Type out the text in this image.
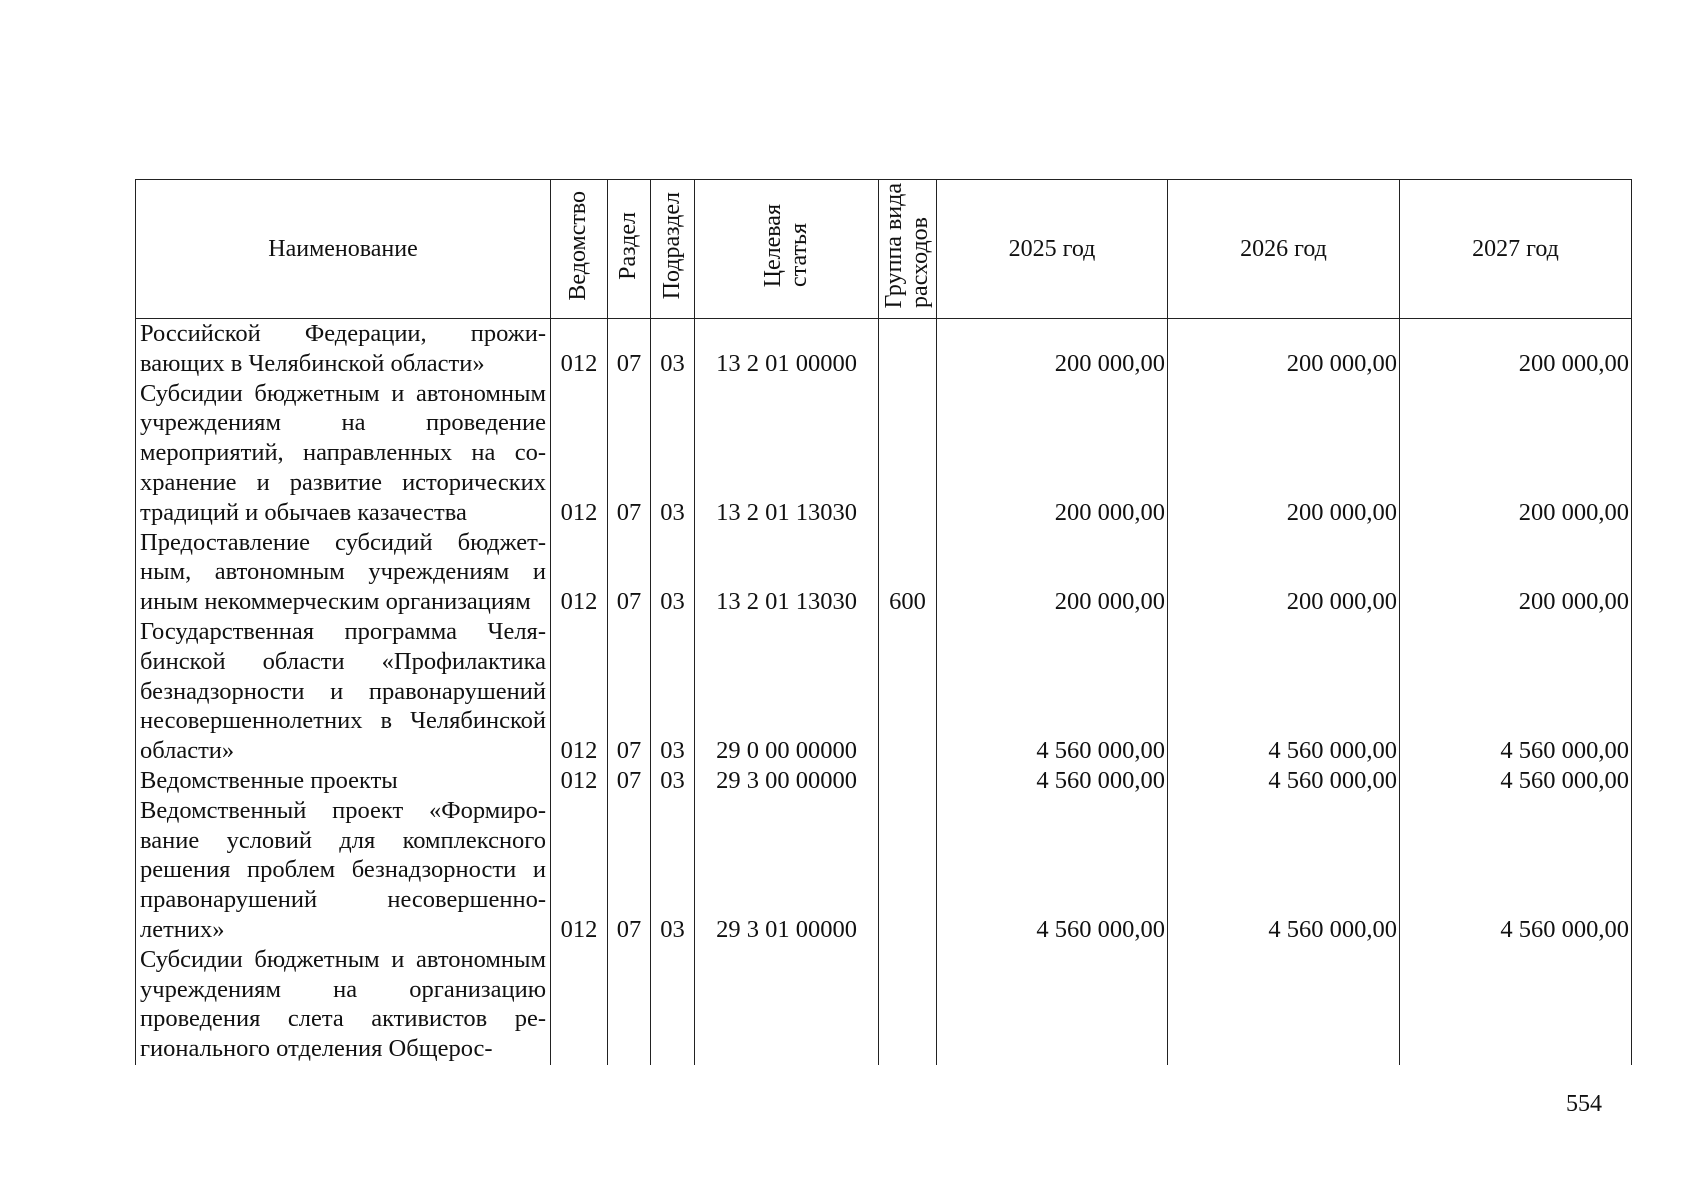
Наименование	Ведомство	Раздел	Подраздел	Целеваястатья	Группа видарасходов	2025 год	2026 год	2027 год
Российской Федерации, проживающих в Челябинской области»	012	07	03	13 2 01 00000		200 000,00	200 000,00	200 000,00
Субсидии бюджетным и автономным учреждениям на проведение мероприятий, направленных на сохранение и развитие исторических традиций и обычаев казачества	012	07	03	13 2 01 13030		200 000,00	200 000,00	200 000,00
Предоставление субсидий бюджетным, автономным учреждениям и иным некоммерческим организациям	012	07	03	13 2 01 13030	600	200 000,00	200 000,00	200 000,00
Государственная программа Челябинской области «Профилактика безнадзорности и правонарушений несовершеннолетних в Челябинской области»	012	07	03	29 0 00 00000		4 560 000,00	4 560 000,00	4 560 000,00
Ведомственные проекты	012	07	03	29 3 00 00000		4 560 000,00	4 560 000,00	4 560 000,00
Ведомственный проект «Формирование условий для комплексного решения проблем безнадзорности и правонарушений несовершеннолетних»	012	07	03	29 3 01 00000		4 560 000,00	4 560 000,00	4 560 000,00
Субсидии бюджетным и автономным учреждениям на организацию проведения слета активистов регионального отделения Общерос-								
554
